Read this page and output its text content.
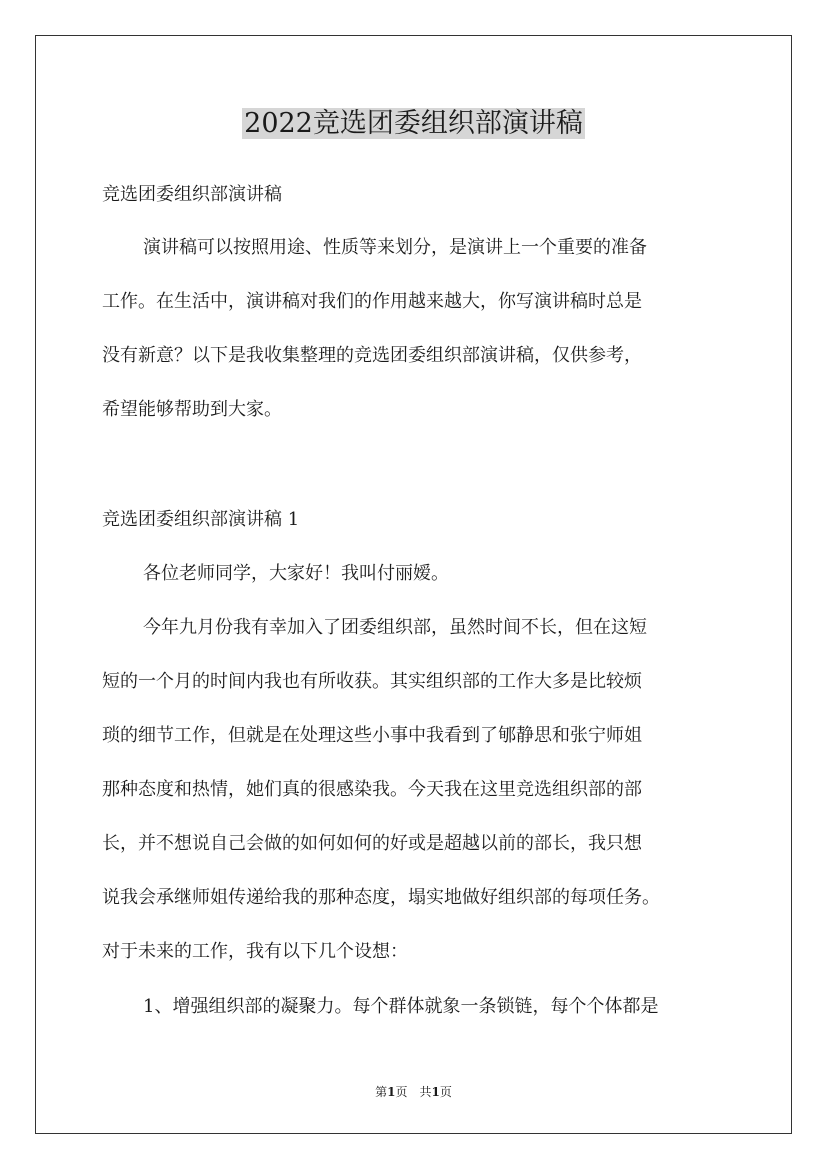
2022竞选团委组织部演讲稿
竞选团委组织部演讲稿
演讲稿可以按照用途、性质等来划分，是演讲上一个重要的准备
工作。在生活中，演讲稿对我们的作用越来越大，你写演讲稿时总是
没有新意？以下是我收集整理的竞选团委组织部演讲稿，仅供参考，
希望能够帮助到大家。
竞选团委组织部演讲稿 1
各位老师同学，大家好！我叫付丽嫒。
今年九月份我有幸加入了团委组织部，虽然时间不长，但在这短
短的一个月的时间内我也有所收获。其实组织部的工作大多是比较烦
琐的细节工作，但就是在处理这些小事中我看到了郇静思和张宁师姐
那种态度和热情，她们真的很感染我。今天我在这里竞选组织部的部
长，并不想说自己会做的如何如何的好或是超越以前的部长，我只想
说我会承继师姐传递给我的那种态度，塌实地做好组织部的每项任务。
对于未来的工作，我有以下几个设想：
1、增强组织部的凝聚力。每个群体就象一条锁链，每个个体都是
第1页　共1页
